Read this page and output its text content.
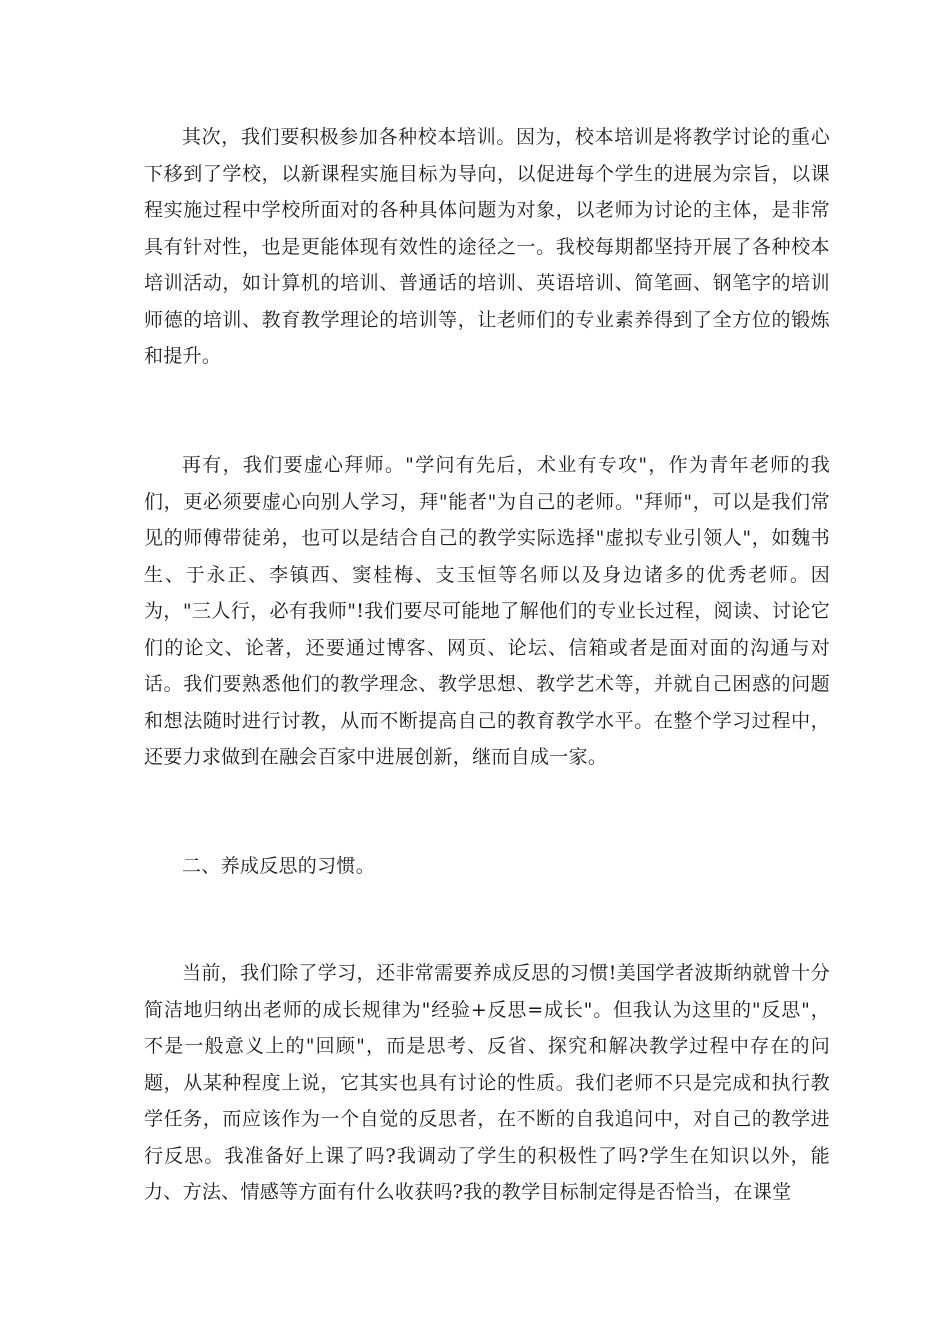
其次，我们要积极参加各种校本培训。因为，校本培训是将教学讨论的重心下移到了学校，以新课程实施目标为导向，以促进每个学生的进展为宗旨，以课程实施过程中学校所面对的各种具体问题为对象，以老师为讨论的主体，是非常具有针对性，也是更能体现有效性的途径之一。我校每期都坚持开展了各种校本培训活动，如计算机的培训、普通话的培训、英语培训、简笔画、钢笔字的培训师德的培训、教育教学理论的培训等，让老师们的专业素养得到了全方位的锻炼和提升。

再有，我们要虚心拜师。"学问有先后，术业有专攻"，作为青年老师的我们，更必须要虚心向别人学习，拜"能者"为自己的老师。"拜师"，可以是我们常见的师傅带徒弟，也可以是结合自己的教学实际选择"虚拟专业引领人"，如魏书生、于永正、李镇西、窦桂梅、支玉恒等名师以及身边诸多的优秀老师。因为，"三人行，必有我师"!我们要尽可能地了解他们的专业长过程，阅读、讨论它们的论文、论著，还要通过博客、网页、论坛、信箱或者是面对面的沟通与对话。我们要熟悉他们的教学理念、教学思想、教学艺术等，并就自己困惑的问题和想法随时进行讨教，从而不断提高自己的教育教学水平。在整个学习过程中，还要力求做到在融会百家中进展创新，继而自成一家。

二、养成反思的习惯。

当前，我们除了学习，还非常需要养成反思的习惯!美国学者波斯纳就曾十分简洁地归纳出老师的成长规律为"经验+反思=成长"。但我认为这里的"反思"，不是一般意义上的"回顾"，而是思考、反省、探究和解决教学过程中存在的问题，从某种程度上说，它其实也具有讨论的性质。我们老师不只是完成和执行教学任务，而应该作为一个自觉的反思者，在不断的自我追问中，对自己的教学进行反思。我准备好上课了吗?我调动了学生的积极性了吗?学生在知识以外，能力、方法、情感等方面有什么收获吗?我的教学目标制定得是否恰当，在课堂
